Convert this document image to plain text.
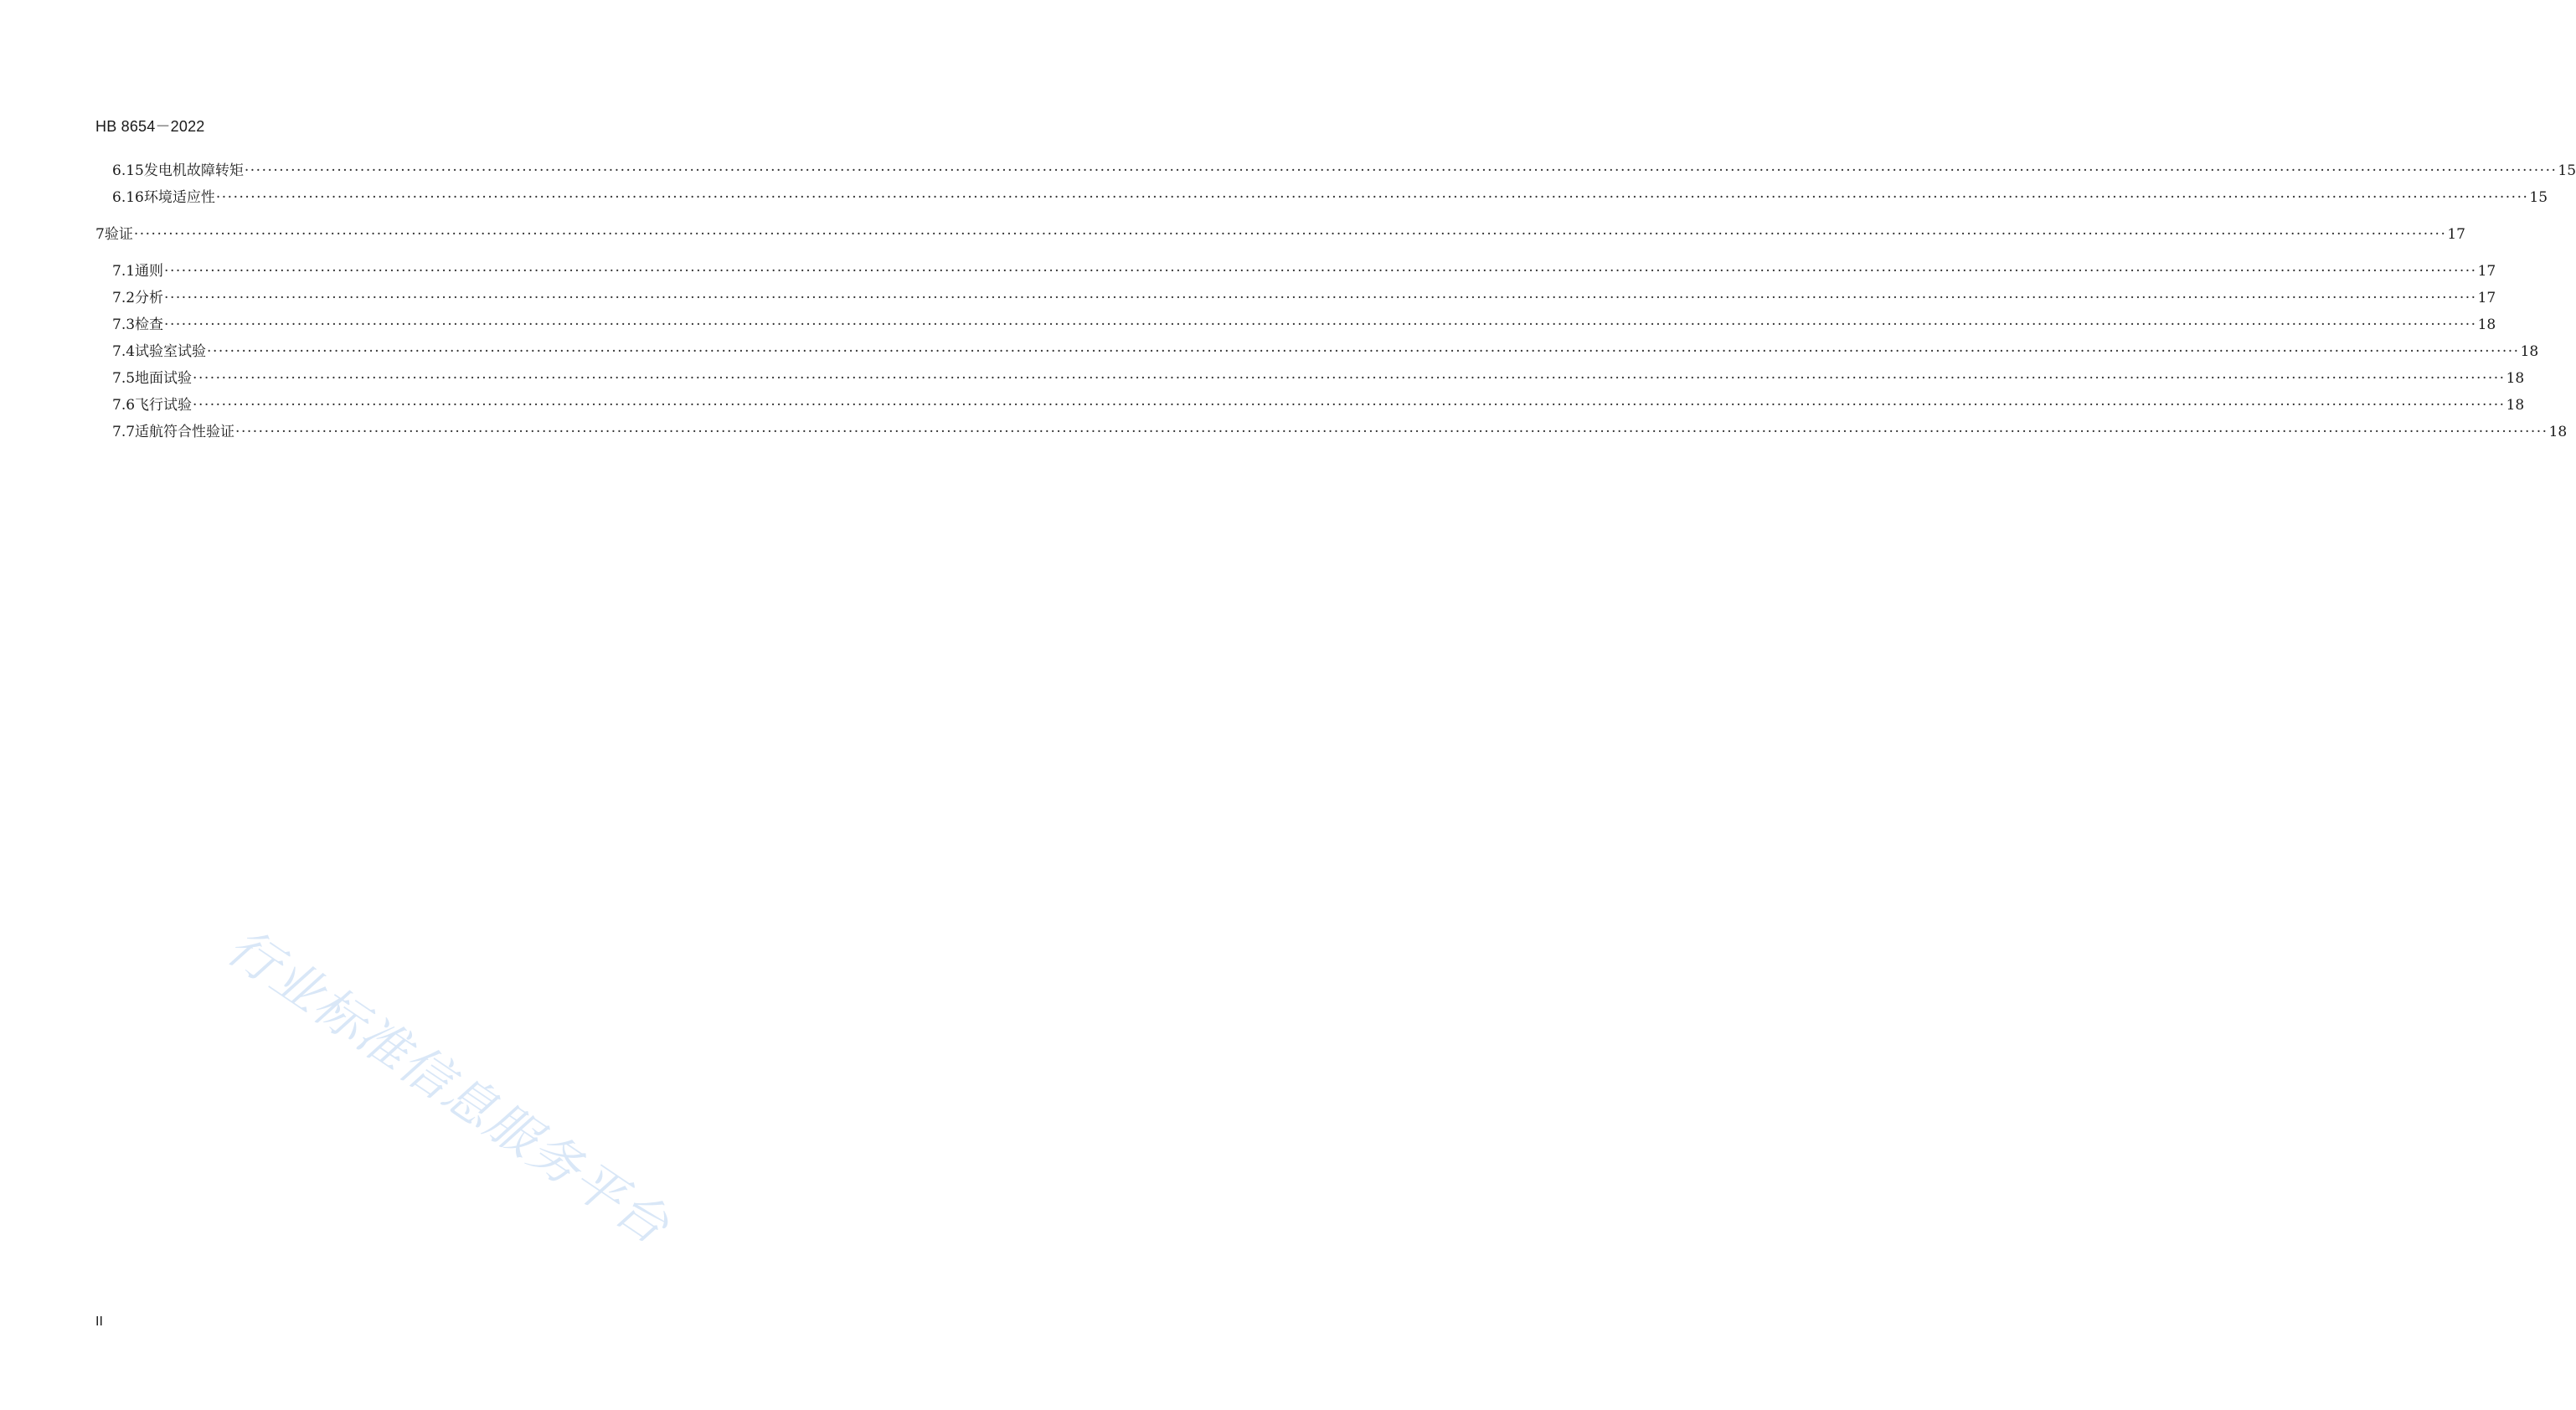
HB 8654－2022
6.15 发电机故障转矩 ················································································································································································································································································································································································································ 15
6.16 环境适应性 ················································································································································································································································································································································································································ 15
7 验证 ················································································································································································································································································································································································································ 17
7.1 通则 ················································································································································································································································································································································································································ 17
7.2 分析 ················································································································································································································································································································································································································ 17
7.3 检查 ················································································································································································································································································································································································································ 18
7.4 试验室试验 ················································································································································································································································································································································································································ 18
7.5 地面试验 ················································································································································································································································································································································································································ 18
7.6 飞行试验 ················································································································································································································································································································································································································ 18
7.7 适航符合性验证 ················································································································································································································································································································································································································ 18
行业标准信息服务平台
II
